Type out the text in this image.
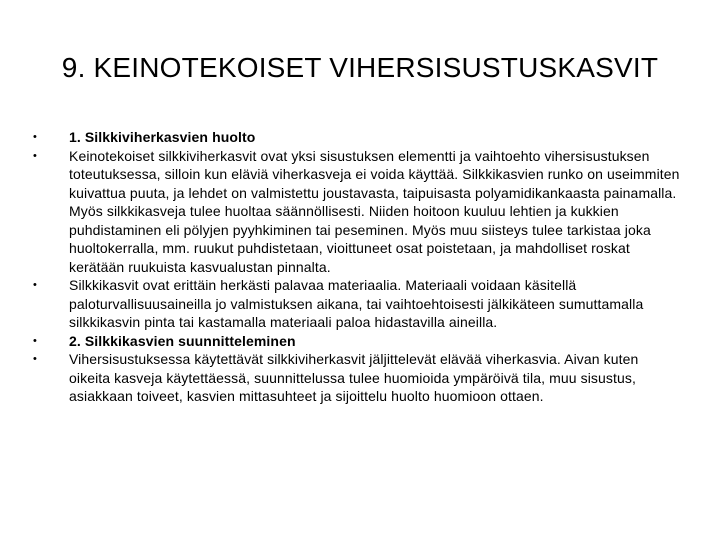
9. KEINOTEKOISET VIHERSISUSTUSKASVIT
• 1. Silkkiviherkasvien huolto
• Keinotekoiset silkkiviherkasvit ovat yksi sisustuksen elementti ja vaihtoehto vihersisustuksen toteutuksessa, silloin kun eläviä viherkasveja ei voida käyttää. Silkkikasvien runko on useimmiten kuivattua puuta, ja lehdet on valmistettu joustavasta, taipuisasta polyamidikankaasta painamalla. Myös silkkikasveja tulee huoltaa säännöllisesti. Niiden hoitoon kuuluu lehtien ja kukkien puhdistaminen eli pölyjen pyyhkiminen tai peseminen. Myös muu siisteys tulee tarkistaa joka huoltokerralla, mm. ruukut puhdistetaan, vioittuneet osat poistetaan, ja mahdolliset roskat kerätään ruukuista kasvualustan pinnalta.
• Silkkikasvit ovat erittäin herkästi palavaa materiaalia. Materiaali voidaan käsitellä paloturvallisuusaineilla jo valmistuksen aikana, tai vaihtoehtoisesti jälkikäteen sumuttamalla silkkikasvin pinta tai kastamalla materiaali paloa hidastavilla aineilla.
• 2. Silkkikasvien suunnitteleminen
• Vihersisustuksessa käytettävät silkkiviherkasvit jäljittelevät elävää viherkasvia. Aivan kuten oikeita kasveja käytettäessä, suunnittelussa tulee huomioida ympäröivä tila, muu sisustus, asiakkaan toiveet, kasvien mittasuhteet ja sijoittelu huolto huomioon ottaen.
